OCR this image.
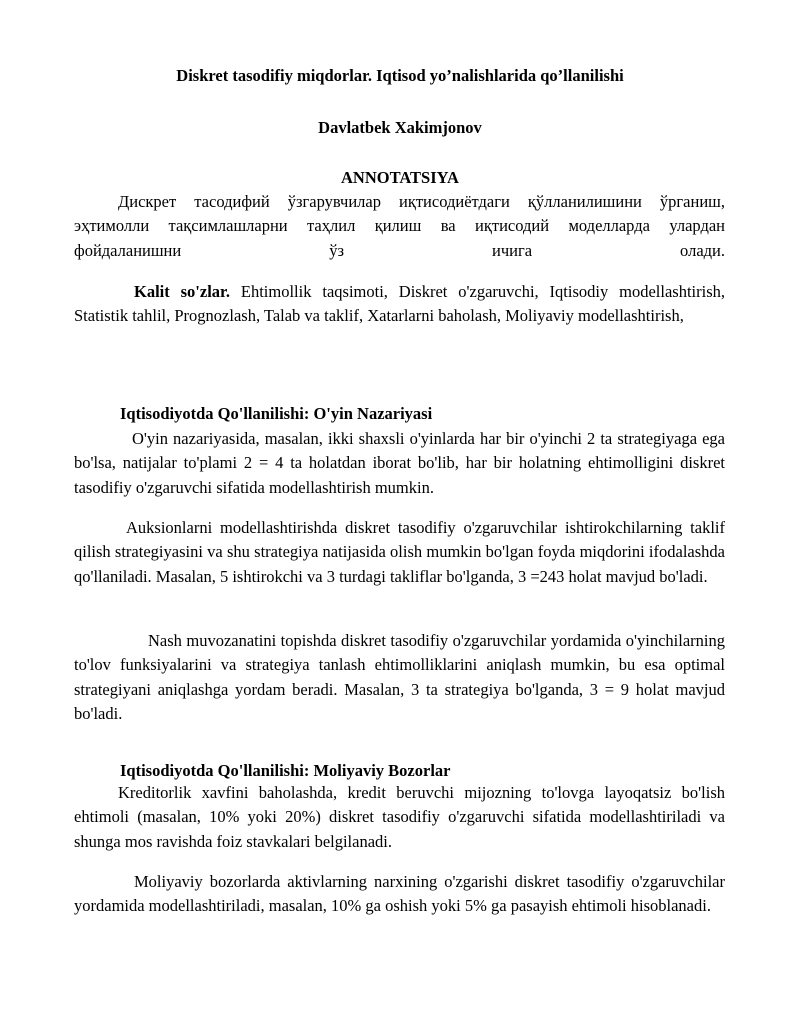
Diskret tasodifiy miqdorlar. Iqtisod yo’nalishlarida qo’llanilishi
Davlatbek Xakimjonov
ANNOTATSIYA
Дискрет тасодифий ўзгарувчилар иқтисодиётдаги қўлланилишини ўрганиш,
эҳтимолли тақсимлашларни таҳлил қилиш ва иқтисодий моделларда улардан
фойдаланишни ўз ичига олади.
Kalit so'zlar. Ehtimollik taqsimoti, Diskret o'zgaruvchi, Iqtisodiy modellashtirish, Statistik tahlil, Prognozlash, Talab va taklif, Xatarlarni baholash, Moliyaviy modellashtirish,
Iqtisodiyotda Qo'llanilishi: O'yin Nazariyasi
O'yin nazariyasida, masalan, ikki shaxsli o'yinlarda har bir o'yinchi 2 ta strategiyaga ega bo'lsa, natijalar to'plami 2 = 4 ta holatdan iborat bo'lib, har bir holatning ehtimolligini diskret tasodifiy o'zgaruvchi sifatida modellashtirish mumkin.
Auksionlarni modellashtirishda diskret tasodifiy o'zgaruvchilar ishtirokchilarning taklif qilish strategiyasini va shu strategiya natijasida olish mumkin bo'lgan foyda miqdorini ifodalashda qo'llaniladi. Masalan, 5 ishtirokchi va 3 turdagi takliflar bo'lganda, 3 =243 holat mavjud bo'ladi.
Nash muvozanatini topishda diskret tasodifiy o'zgaruvchilar yordamida o'yinchilarning to'lov funksiyalarini va strategiya tanlash ehtimolliklarini aniqlash mumkin, bu esa optimal strategiyani aniqlashga yordam beradi. Masalan, 3 ta strategiya bo'lganda, 3 = 9 holat mavjud bo'ladi.
Iqtisodiyotda Qo'llanilishi: Moliyaviy Bozorlar
Kreditorlik xavfini baholashda, kredit beruvchi mijozning to'lovga layoqatsiz bo'lish ehtimoli (masalan, 10% yoki 20%) diskret tasodifiy o'zgaruvchi sifatida modellashtiriladi va shunga mos ravishda foiz stavkalari belgilanadi.
Moliyaviy bozorlarda aktivlarning narxining o'zgarishi diskret tasodifiy o'zgaruvchilar yordamida modellashtiriladi, masalan, 10% ga oshish yoki 5% ga pasayish ehtimoli hisoblanadi.
